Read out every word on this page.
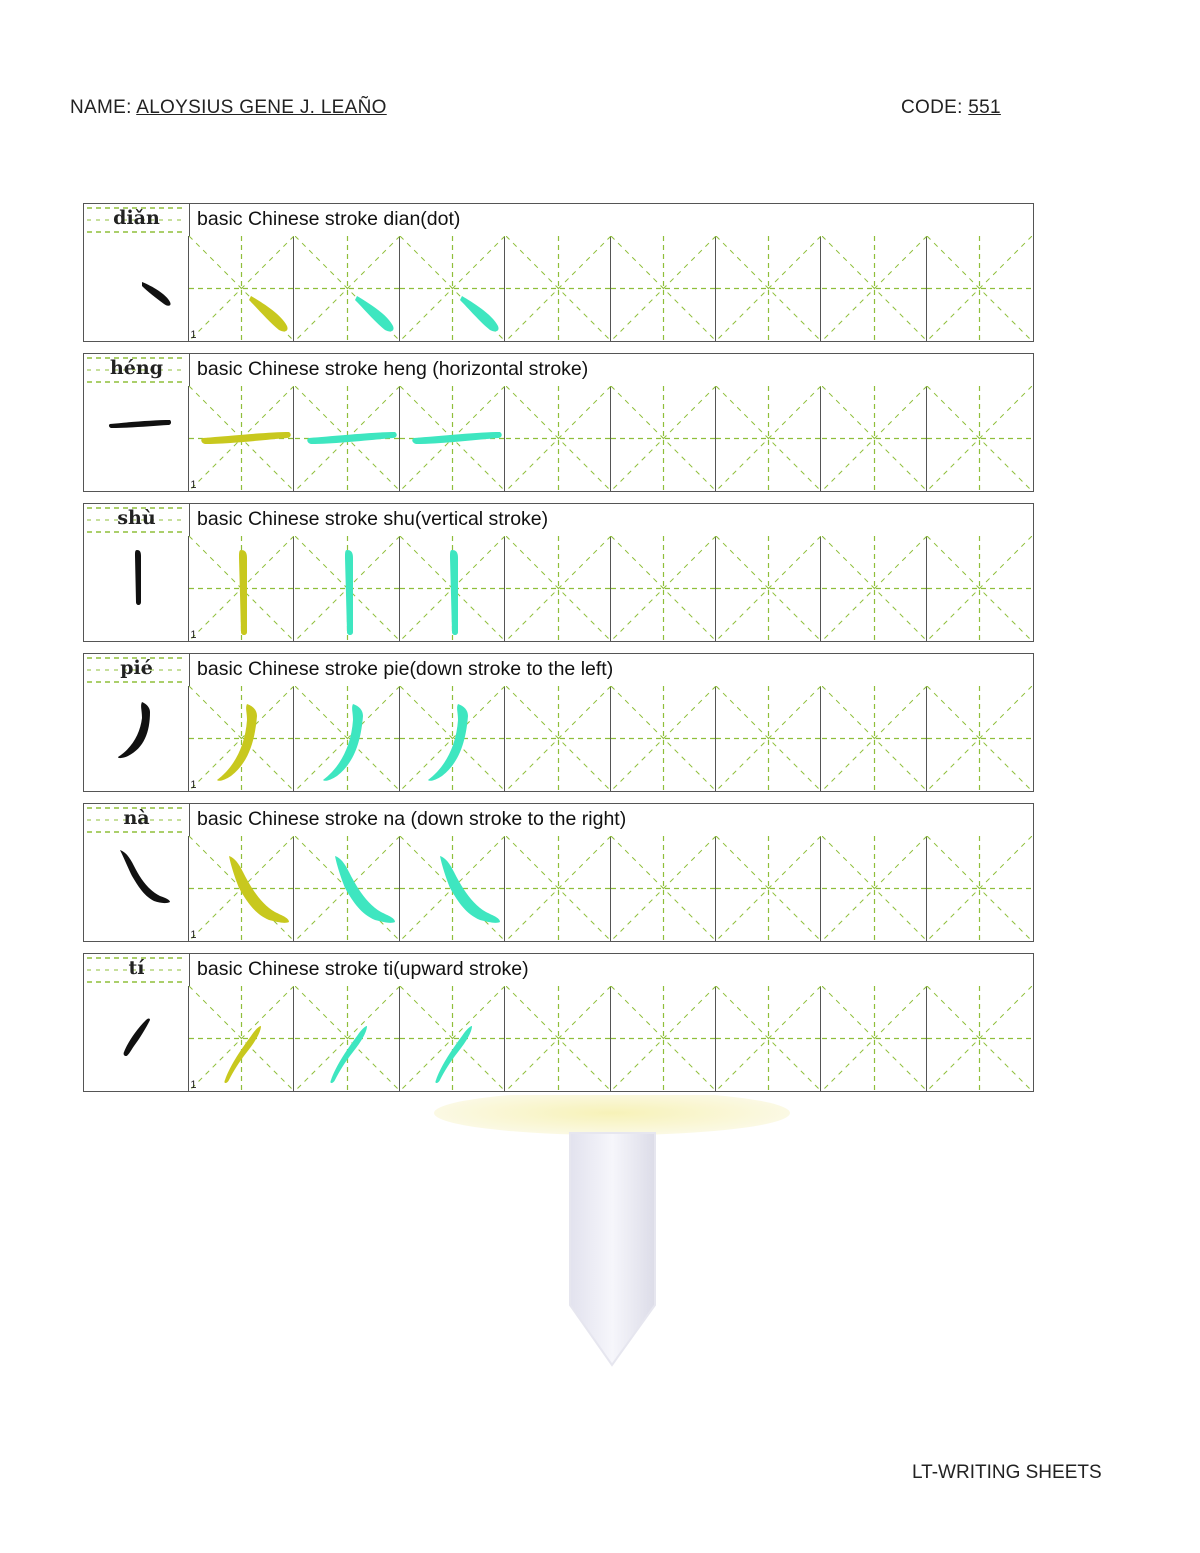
NAME: ALOYSIUS GENE J. LEAÑO	CODE: 551
diǎn	basic Chinese stroke dian(dot)
1
héng	basic Chinese stroke heng (horizontal stroke)
1
shù	basic Chinese stroke shu(vertical stroke)
1
pié	basic Chinese stroke pie(down stroke to the left)
1
nà	basic Chinese stroke na (down stroke to the right)
1
tí	basic Chinese stroke ti(upward stroke)
1
LT-WRITING SHEETS
